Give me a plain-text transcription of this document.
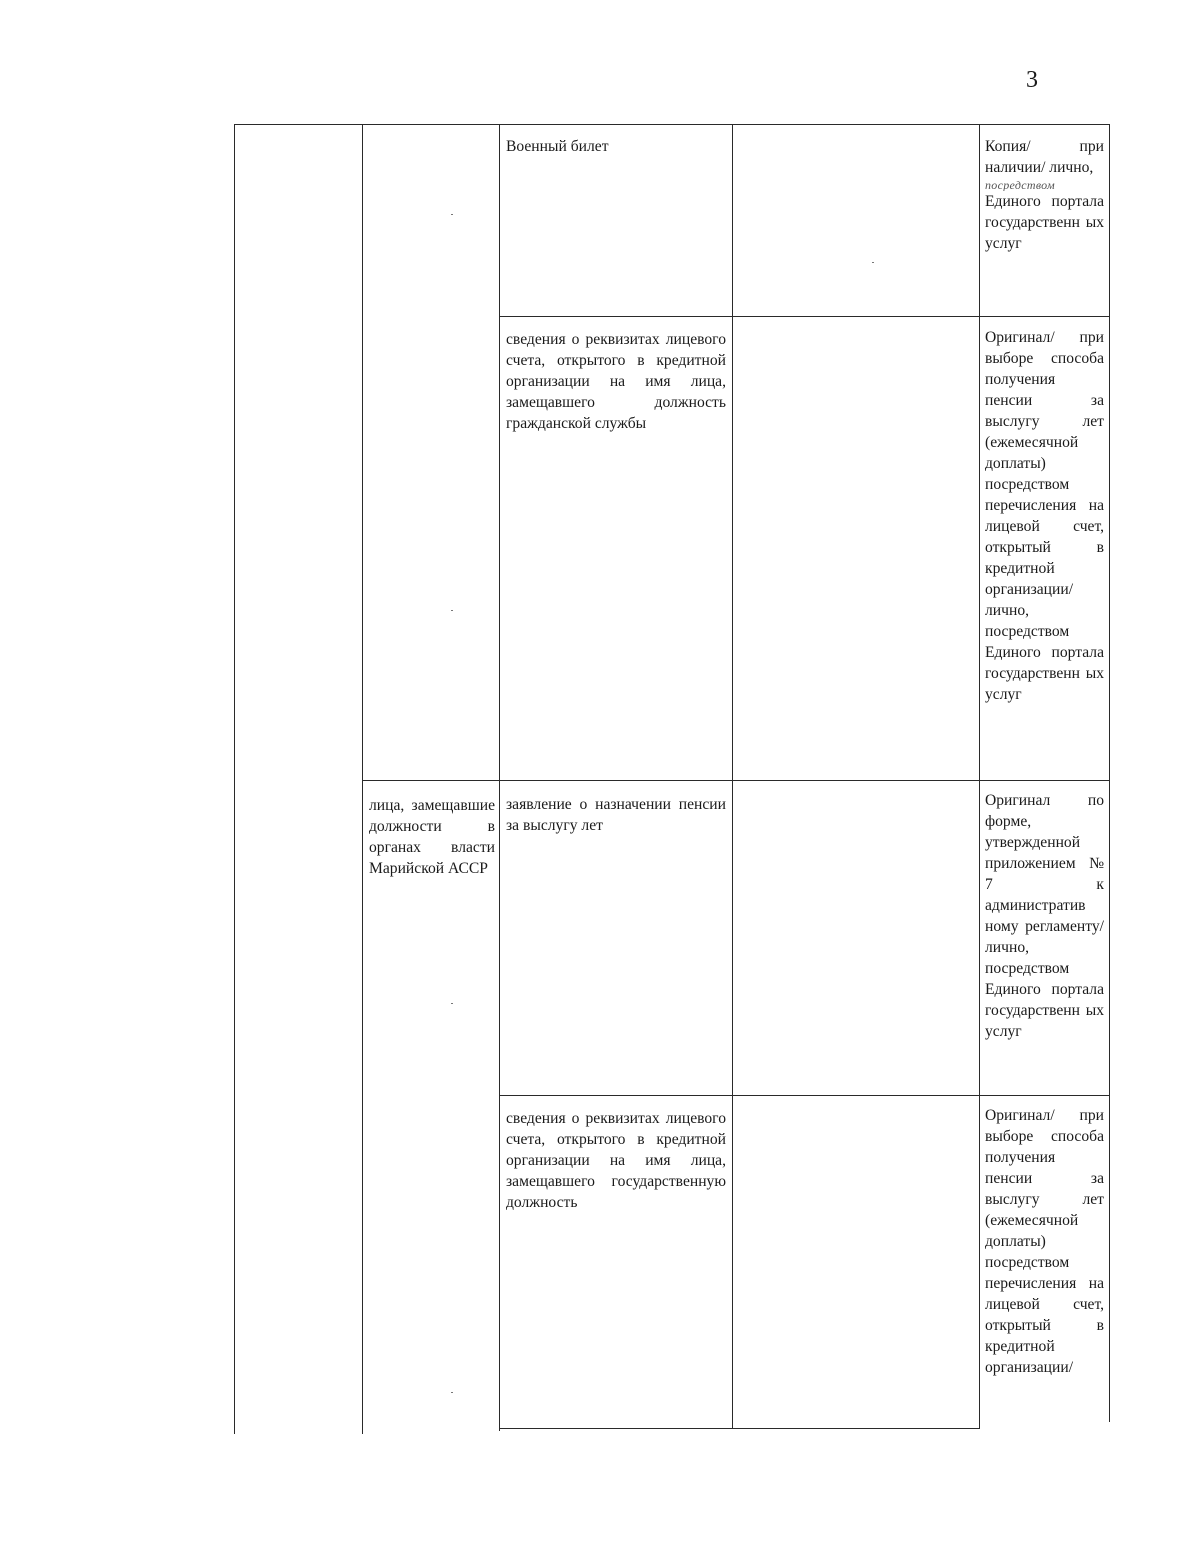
3
Военный билет	Копия/ при наличии/ лично,
посредством
Единого портала государственн ых услуг
сведения о реквизитах лицевого счета, открытого в кредитной организации на имя лица, замещавшего должность гражданской службы
Оригинал/ при выборе способа получения пенсии за выслугу лет (ежемесячной доплаты) посредством перечисления на лицевой счет, открытый в кредитной организации/ лично, посредством Единого портала государственн ых услуг
лица, замещавшие должности в органах власти Марийской АССР
заявление о назначении пенсии за выслугу лет
Оригинал по форме, утвержденной приложением № 7 к административ ному регламенту/ лично, посредством Единого портала государственн ых услуг
сведения о реквизитах лицевого счета, открытого в кредитной организации на имя лица, замещавшего государственную должность
Оригинал/ при выборе способа получения пенсии за выслугу лет (ежемесячной доплаты) посредством перечисления на лицевой счет, открытый в кредитной организации/
